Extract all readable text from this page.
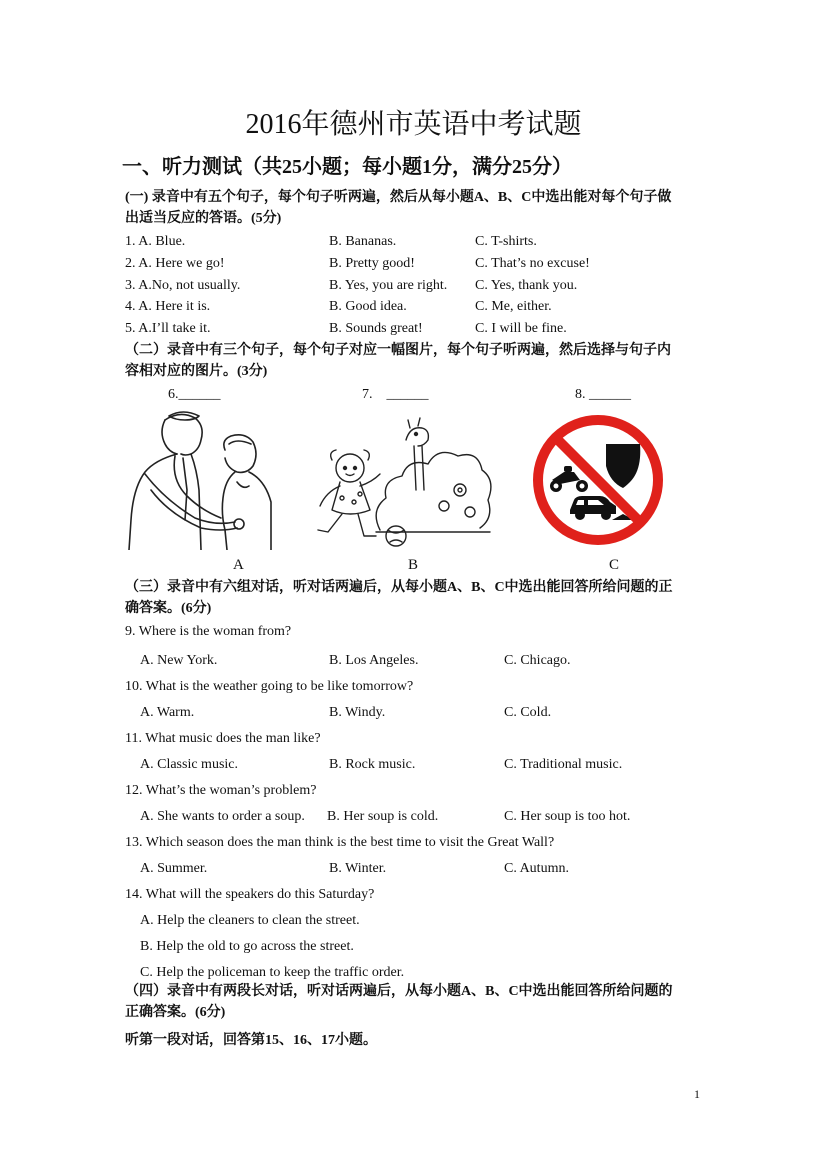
2016年德州市英语中考试题
一、听力测试（共25小题；每小题1分，满分25分）
(一) 录音中有五个句子，每个句子听两遍，然后从每小题A、B、C中选出能对每个句子做
出适当反应的答语。(5分)
1. A. Blue.	B. Bananas.	C. T-shirts.
2. A. Here we go!	B. Pretty good!	C. That’s no excuse!
3. A.No, not usually.	B. Yes, you are right. C. Yes, thank you.
4. A. Here it is.	B. Good idea.	C. Me, either.
5. A.I’ll take it.	B. Sounds great!	C. I will be fine.
（二）录音中有三个句子，每个句子对应一幅图片，每个句子听两遍，然后选择与句子内
容相对应的图片。(3分)
6.______	7.    ______	8. ______
A	B	C
（三）录音中有六组对话，听对话两遍后，从每小题A、B、C中选出能回答所给问题的正
确答案。(6分)
9. Where is the woman from?
A. New York.	B. Los Angeles.	C. Chicago.
10. What is the weather going to be like tomorrow?
A. Warm.	B. Windy.	C. Cold.
11. What music does the man like?
A. Classic music.	B. Rock music.	C. Traditional music.
12. What’s the woman’s problem?
A. She wants to order a soup. B. Her soup is cold.	C. Her soup is too hot.
13. Which season does the man think is the best time to visit the Great Wall?
A. Summer.	B. Winter.	C. Autumn.
14. What will the speakers do this Saturday?
A. Help the cleaners to clean the street.
B. Help the old to go across the street.
C. Help the policeman to keep the traffic order.
（四）录音中有两段长对话，听对话两遍后，从每小题A、B、C中选出能回答所给问题的
正确答案。(6分)
听第一段对话，回答第15、16、17小题。
1
